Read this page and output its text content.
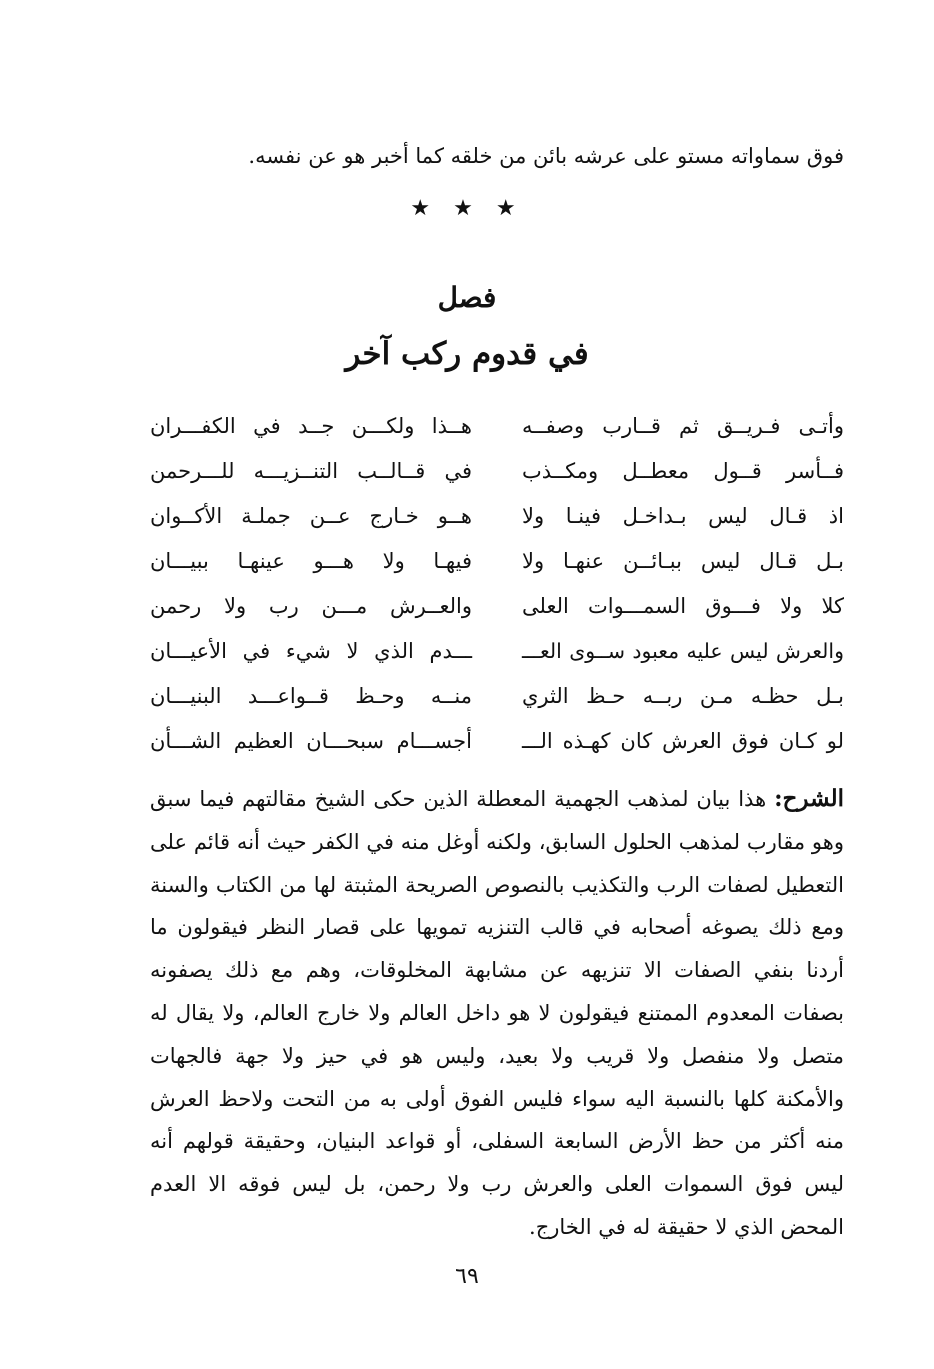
فوق سماواته مستو على عرشه بائن من خلقه كما أخبر هو عن نفسه.
★ ★ ★
فصل
في قدوم ركب آخر
وأتـى فـريــق ثم قــارب وصفــه
هــذا ولكـــن جــد في الكفـــران
فــأسر قــول معطــل ومكــذب
في قــالــب التنــزيـــه للـــرحمن
اذ قـال ليس بـداخـل فينـا ولا
هــو خـارج عــن جملـة الأكــوان
بـل قـال ليس ببـائــن عنهـا ولا
فيهـا ولا هـــو عينهـا ببيـــان
كلا ولا فـــوق السمـــوات العلى
والعــرش مـــن رب ولا رحمن
والعرش ليس عليه معبود ســوى العـــ
ـــدم الذي لا شيء في الأعيـــان
بـل حظـه مـن ربــه حـظ الثري
منــه وحـظ قــواعـــد البنيـــان
لو كـان فوق العرش كان كهـذه الـــ
أجســـام سبحـــان العظيم الشـــأن
الشرح: هذا بيان لمذهب الجهمية المعطلة الذين حكى الشيخ مقالتهم فيما سبق
وهو مقارب لمذهب الحلول السابق، ولكنه أوغل منه في الكفر حيث أنه قائم على
التعطيل لصفات الرب والتكذيب بالنصوص الصريحة المثبتة لها من الكتاب والسنة
ومع ذلك يصوغه أصحابه في قالب التنزيه تمويها على قصار النظر فيقولون ما
أردنا بنفي الصفات الا تنزيهه عن مشابهة المخلوقات، وهم مع ذلك يصفونه
بصفات المعدوم الممتنع فيقولون لا هو داخل العالم ولا خارج العالم، ولا يقال له
متصل ولا منفصل ولا قريب ولا بعيد، وليس هو في حيز ولا جهة فالجهات
والأمكنة كلها بالنسبة اليه سواء فليس الفوق أولى به من التحت ولاحظ العرش
منه أكثر من حظ الأرض السابعة السفلى، أو قواعد البنيان، وحقيقة قولهم أنه
ليس فوق السموات العلى والعرش رب ولا رحمن، بل ليس فوقه الا العدم
المحض الذي لا حقيقة له في الخارج.
٦٩
